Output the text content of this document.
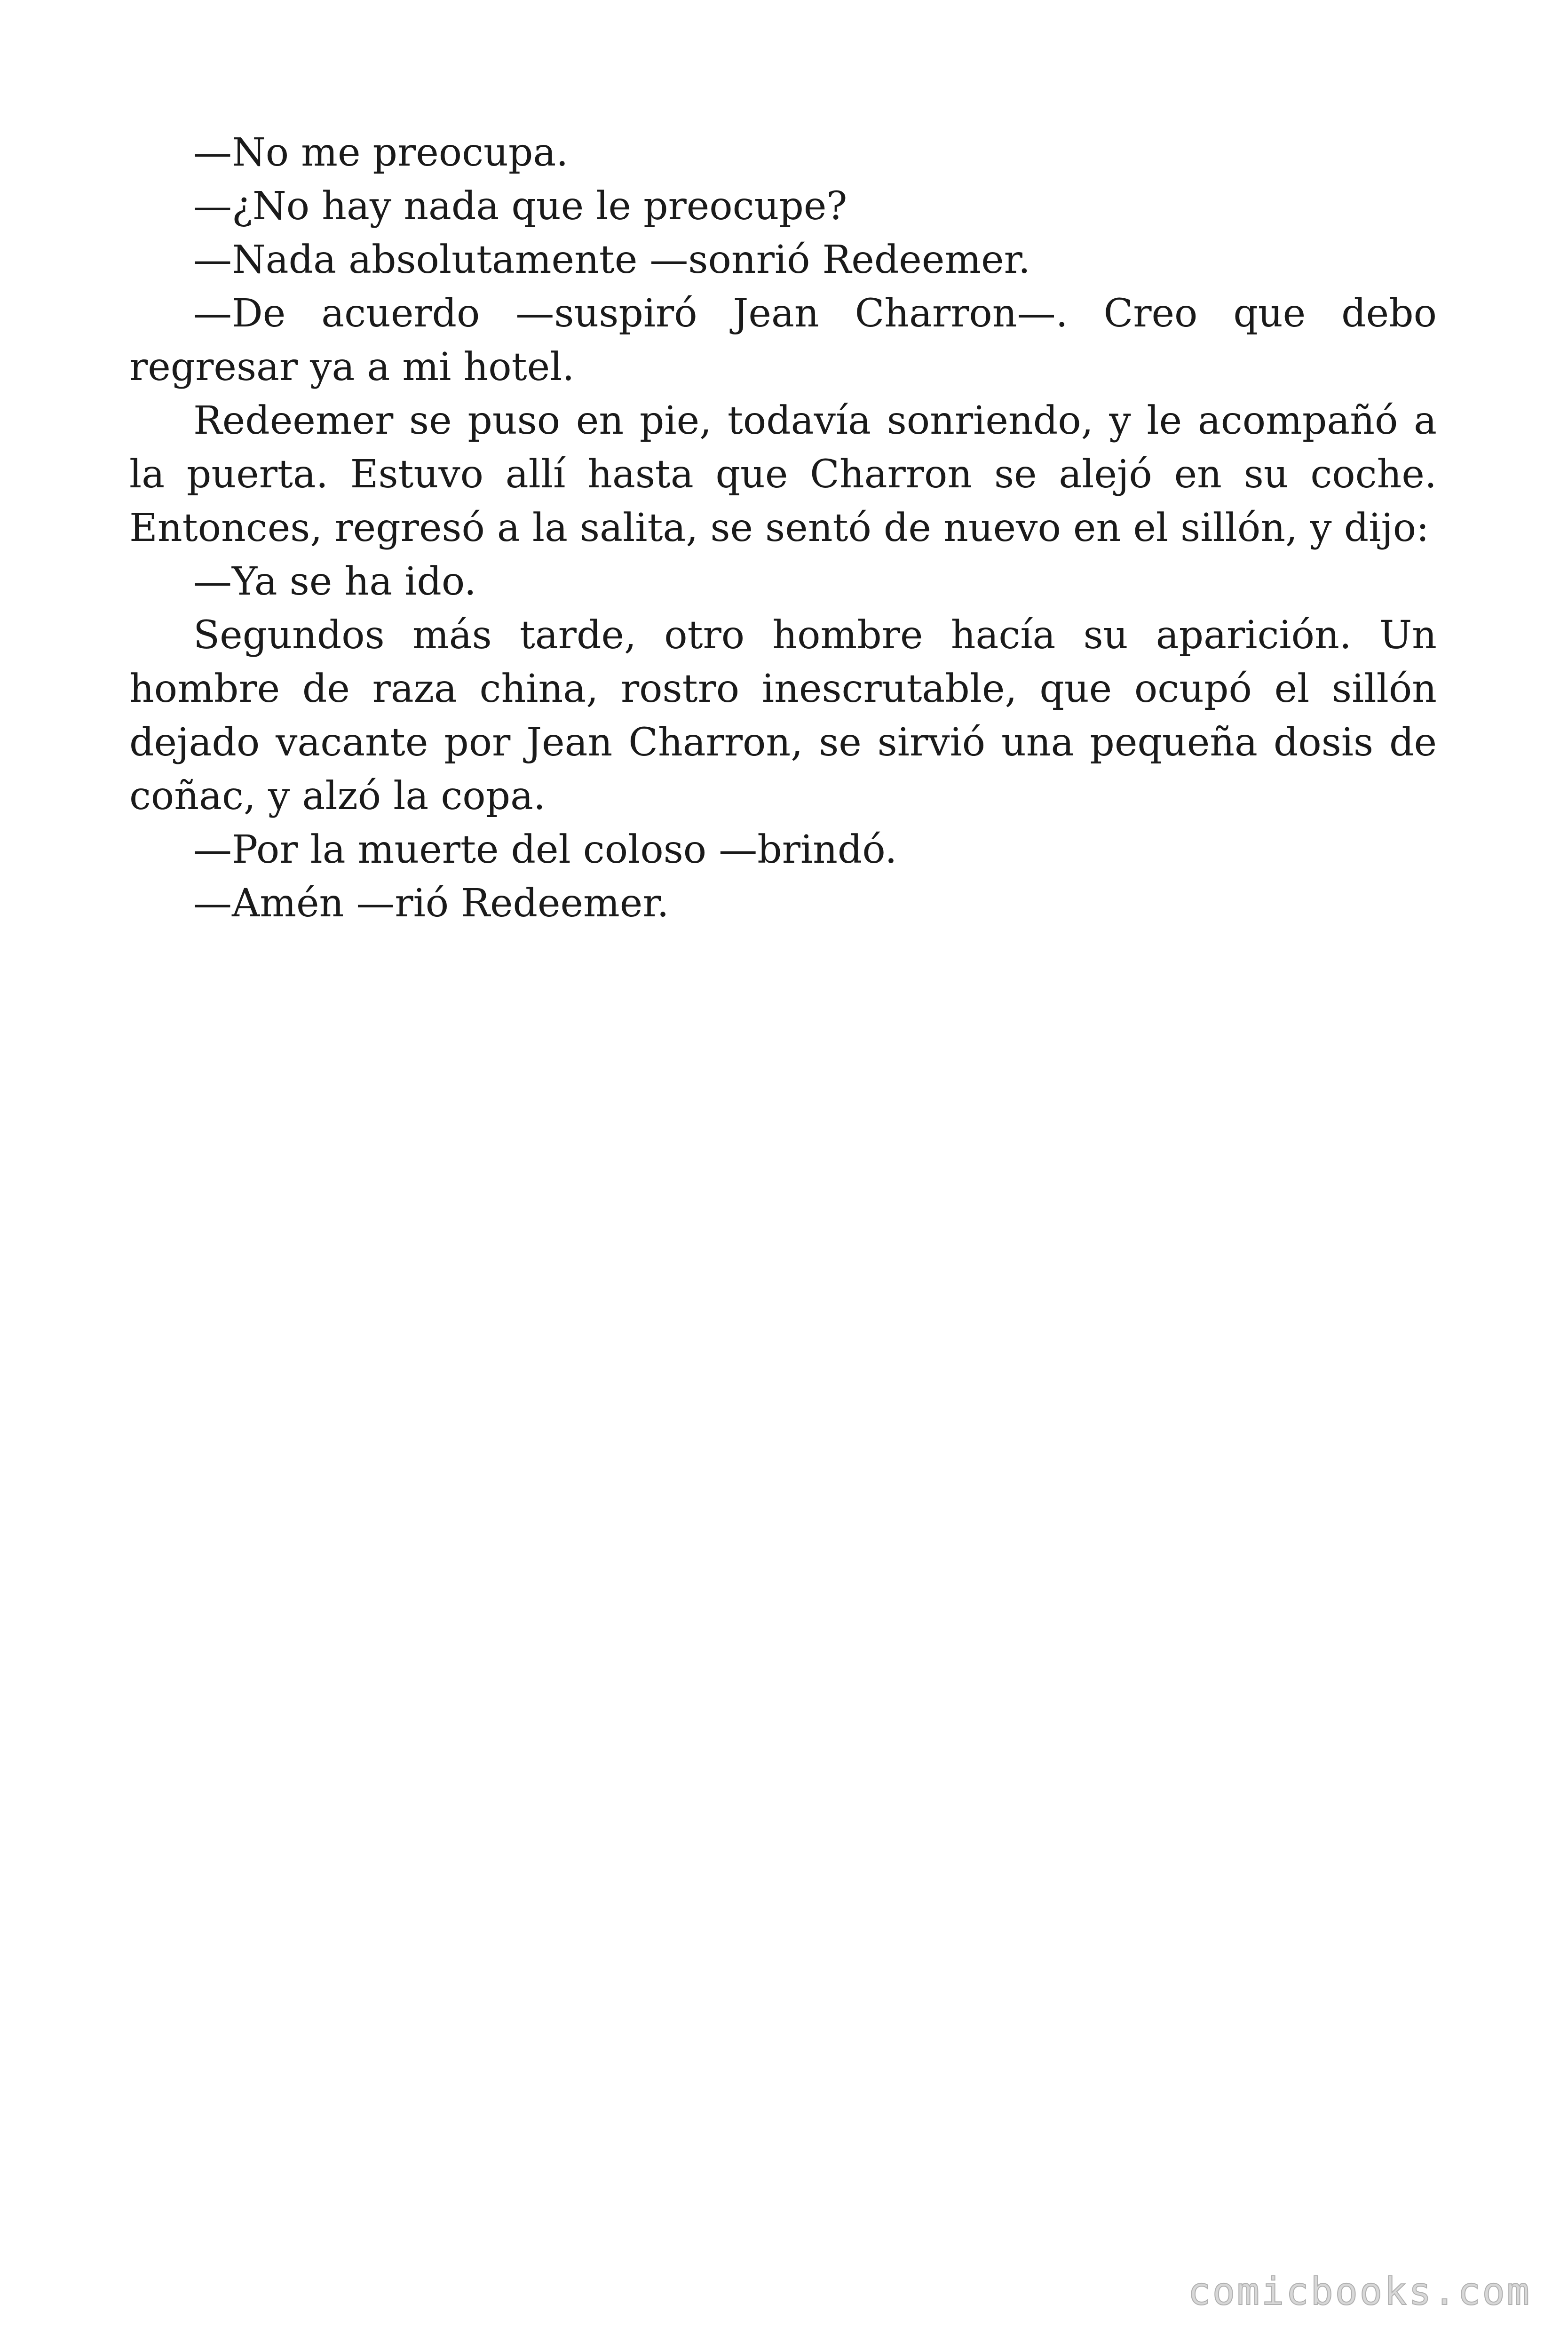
—No me preocupa.

—¿No hay nada que le preocupe?

—Nada absolutamente —sonrió Redeemer.

—De acuerdo —suspiró Jean Charron—. Creo que debo regresar ya a mi hotel.

Redeemer se puso en pie, todavía sonriendo, y le acompañó a la puerta. Estuvo allí hasta que Charron se alejó en su coche. Entonces, regresó a la salita, se sentó de nuevo en el sillón, y dijo:

—Ya se ha ido.

Segundos más tarde, otro hombre hacía su aparición. Un hombre de raza china, rostro inescrutable, que ocupó el sillón dejado vacante por Jean Charron, se sirvió una pequeña dosis de coñac, y alzó la copa.

—Por la muerte del coloso —brindó.

—Amén —rió Redeemer.

comicbooks.com
